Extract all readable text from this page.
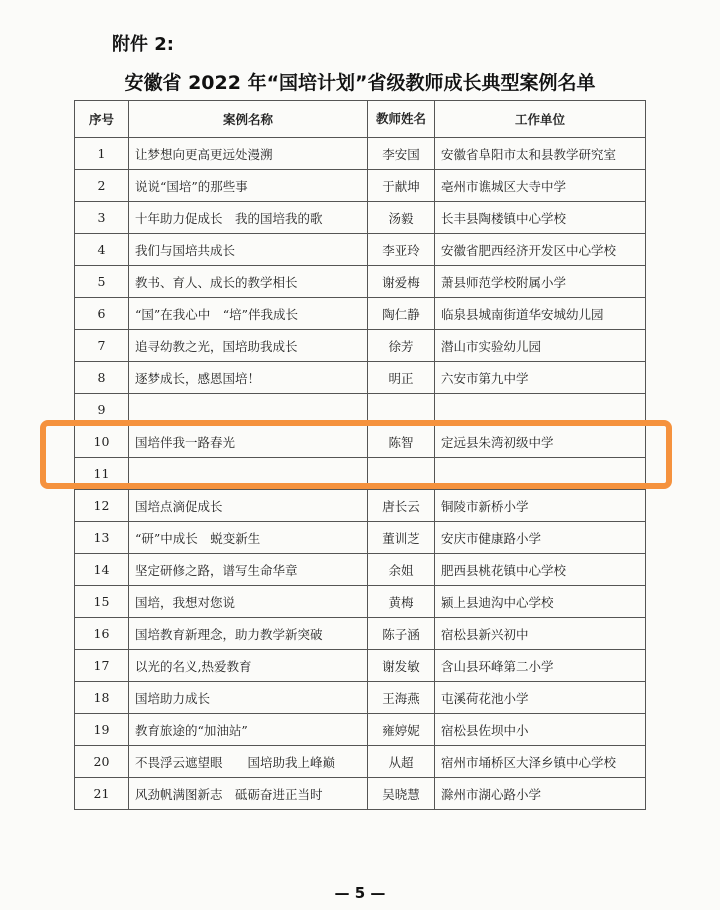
附件 2:
安徽省 2022 年“国培计划”省级教师成长典型案例名单
序号	案例名称	教师姓名	工作单位
1	让梦想向更高更远处漫溯	李安国	安徽省阜阳市太和县教学研究室
2	说说“国培”的那些事	于献坤	亳州市谯城区大寺中学
3	十年助力促成长　我的国培我的歌	汤毅	长丰县陶楼镇中心学校
4	我们与国培共成长	李亚玲	安徽省肥西经济开发区中心学校
5	教书、育人、成长的教学相长	谢爱梅	萧县师范学校附属小学
6	“国”在我心中　“培”伴我成长	陶仁静	临泉县城南街道华安城幼儿园
7	追寻幼教之光，国培助我成长	徐芳	潜山市实验幼儿园
8	逐梦成长，感恩国培！	明正	六安市第九中学
9			
10	国培伴我一路春光	陈智	定远县朱湾初级中学
11			
12	国培点滴促成长	唐长云	铜陵市新桥小学
13	“研”中成长　蜕变新生	董训芝	安庆市健康路小学
14	坚定研修之路，谱写生命华章	余姐	肥西县桃花镇中心学校
15	国培，我想对您说	黄梅	颍上县迪沟中心学校
16	国培教育新理念，助力教学新突破	陈子涵	宿松县新兴初中
17	以光的名义,热爱教育	谢发敏	含山县环峰第二小学
18	国培助力成长	王海燕	屯溪荷花池小学
19	教育旅途的“加油站”	雍婷妮	宿松县佐坝中小
20	不畏浮云遮望眼　　国培助我上峰巅	从超	宿州市埇桥区大泽乡镇中心学校
21	风劲帆满图新志　砥砺奋进正当时	吴晓慧	滁州市湖心路小学
— 5 —
